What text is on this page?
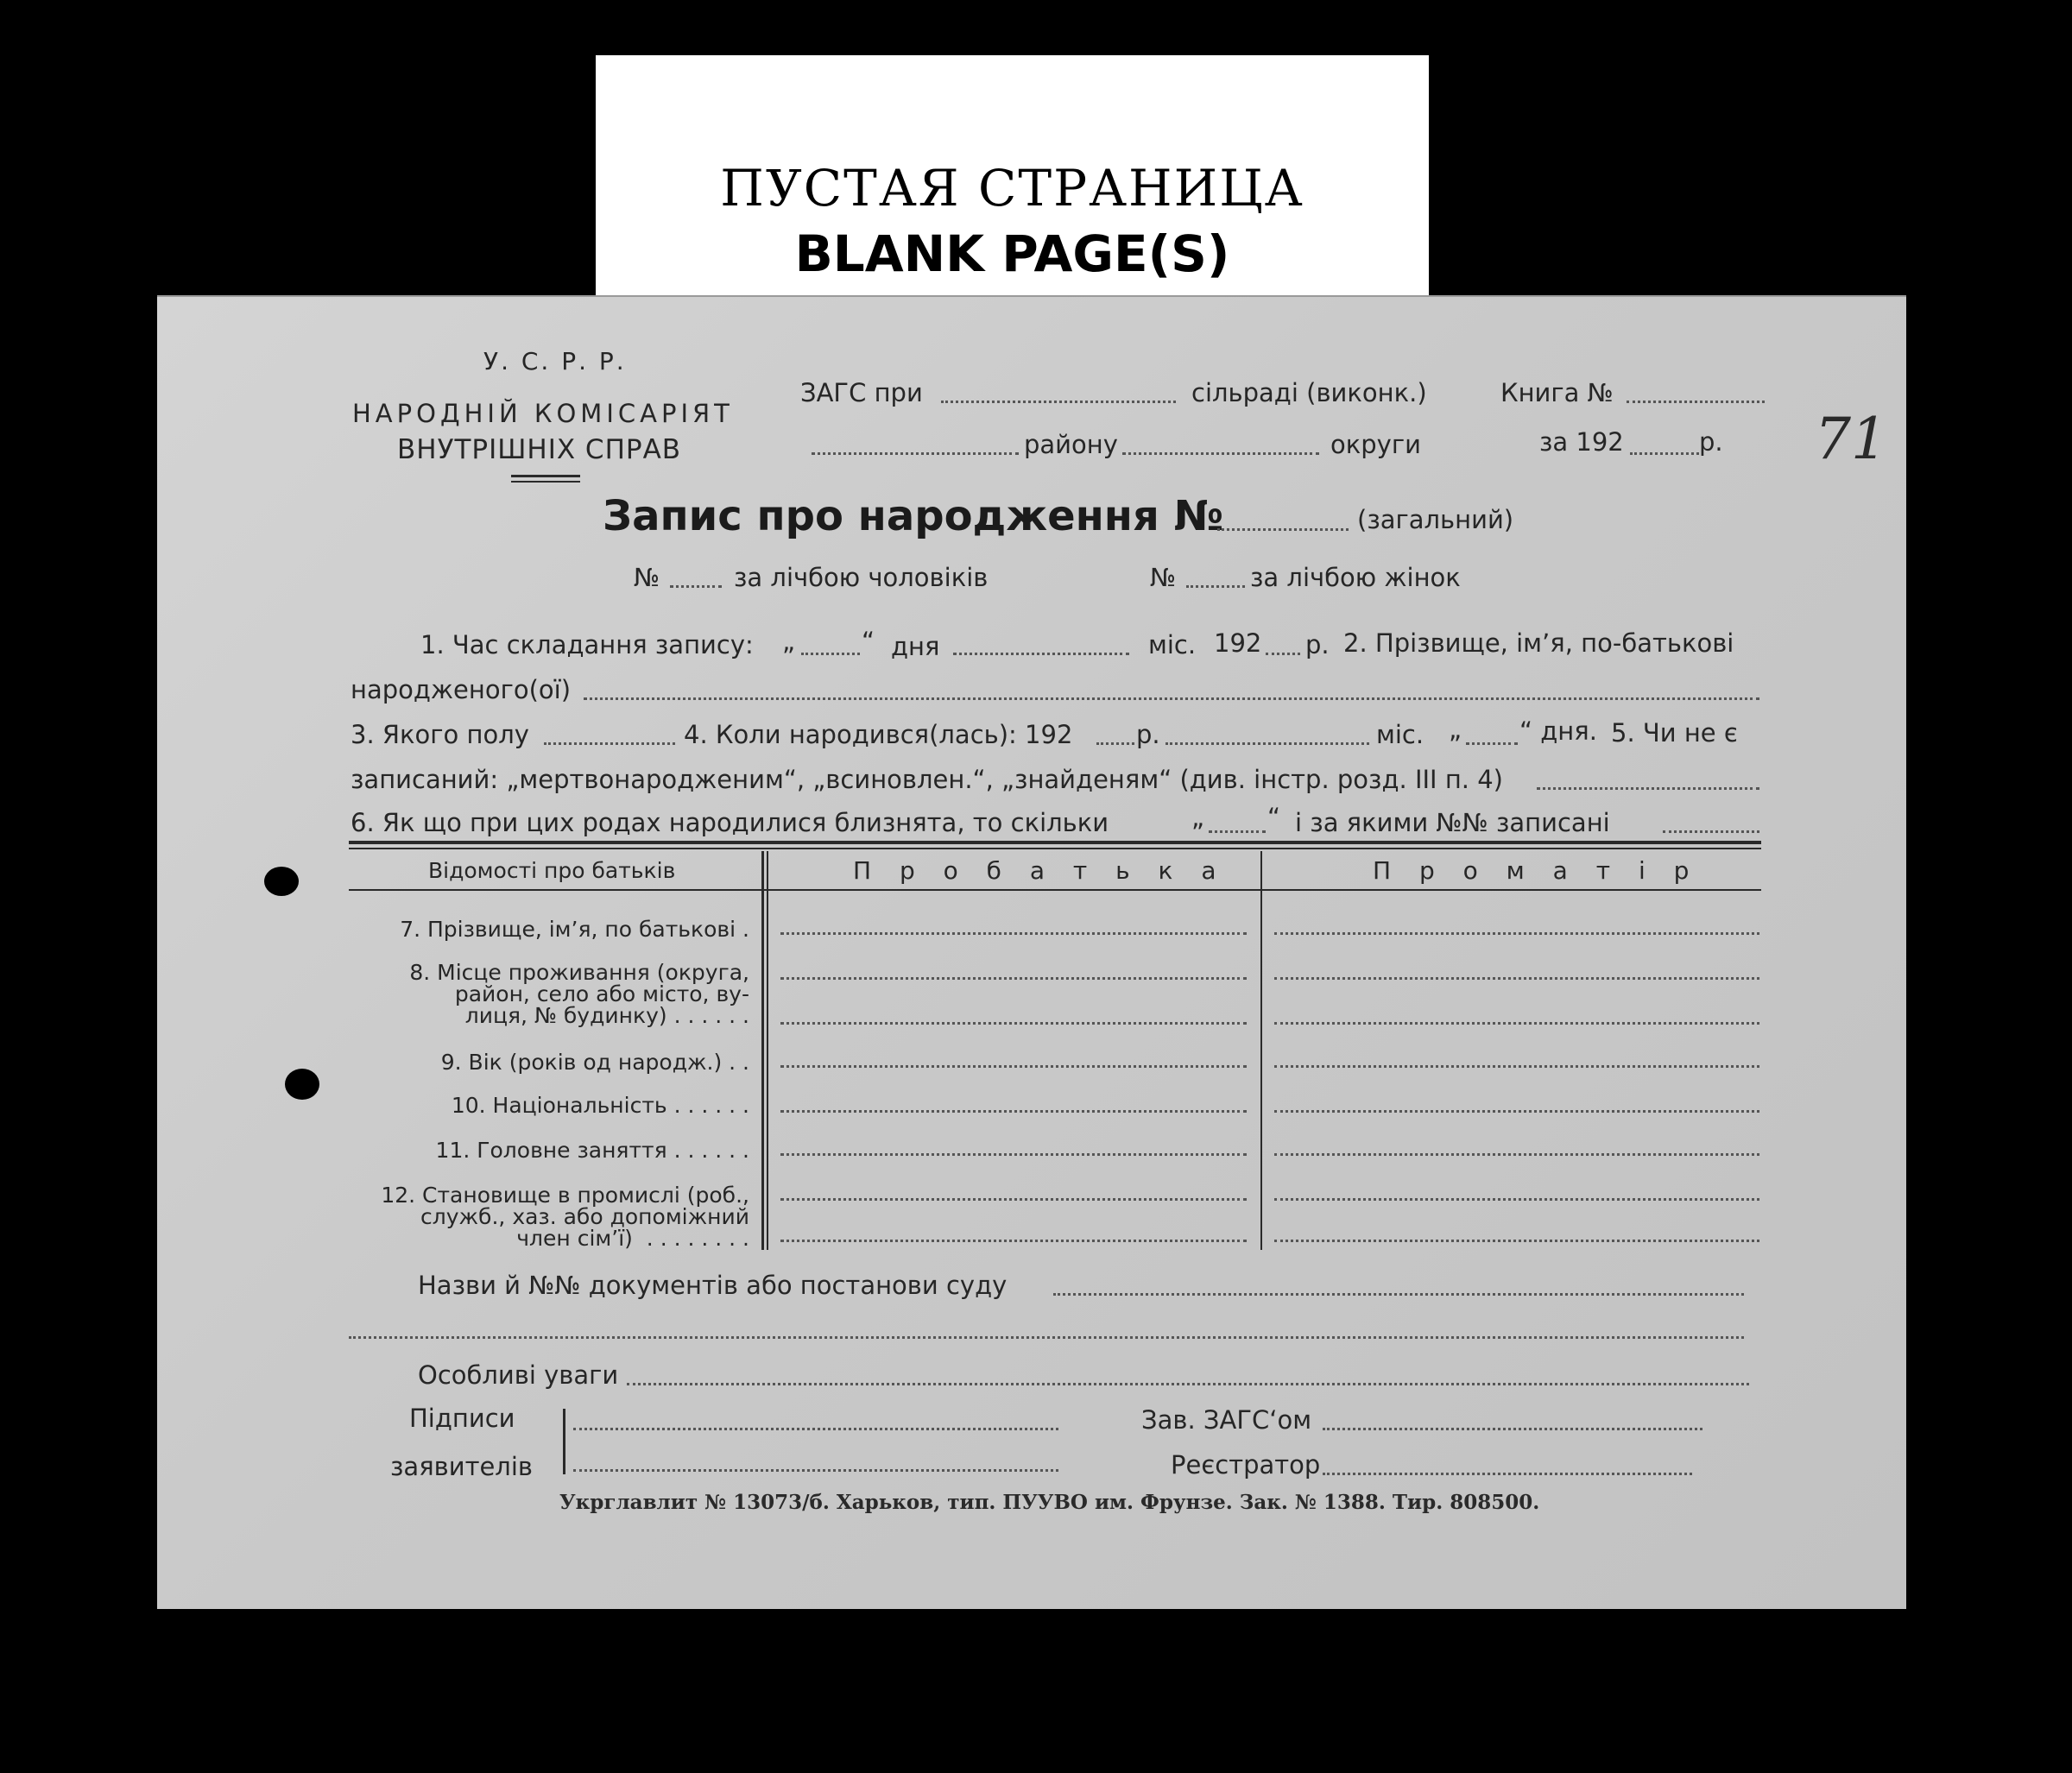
ПУСТАЯ СТРАНИЦА
BLANK PAGE(S)
У. С. Р. Р.
НАРОДНІЙ КОМІСАРІЯТ
ВНУТРІШНІХ СПРАВ
ЗАГС при	сільраді (виконк.)	Книга №
району	округи	за 192	р. 71
Запис про народження №	(загальний)
№	за лічбою чоловіків	№	за лічбою жінок
1. Час складання запису: „	“ дня	міс. 192 р. 2. Прізвище, ім’я, по-батькові
народженого(ої)
3. Якого полу	4. Коли народився(лась): 192	р.	міс. „ “ дня. 5. Чи не є
записаний: „мертвонародженим“, „всиновлен.“, „знайденям“ (див. інстр. розд. III п. 4)
6. Як що при цих родах народилися близнята, то скільки	„	“ і за якими №№ записані
Відомості про батьків	П р о б а т ь к а	П р о м а т і р
7. Прізвище, ім’я, по батькові .
8. Місце проживання (округа,
район, село або місто, ву-
лиця, № будинку) . . . . . .
9. Вік (років од народж.) . .
10. Національність . . . . . .
11. Головне заняття . . . . . .
12. Становище в промислі (роб.,
служб., хаз. або допоміжний
член сім’ї)  . . . . . . . .
Назви й №№ документів або постанови суду
Особливі уваги
Підписи
заявителів
Зав. ЗАГС‘ом
Реєстратор
Укрглавлит № 13073/б. Харьков, тип. ПУУВО им. Фрунзе. Зак. № 1388. Тир. 808500.
